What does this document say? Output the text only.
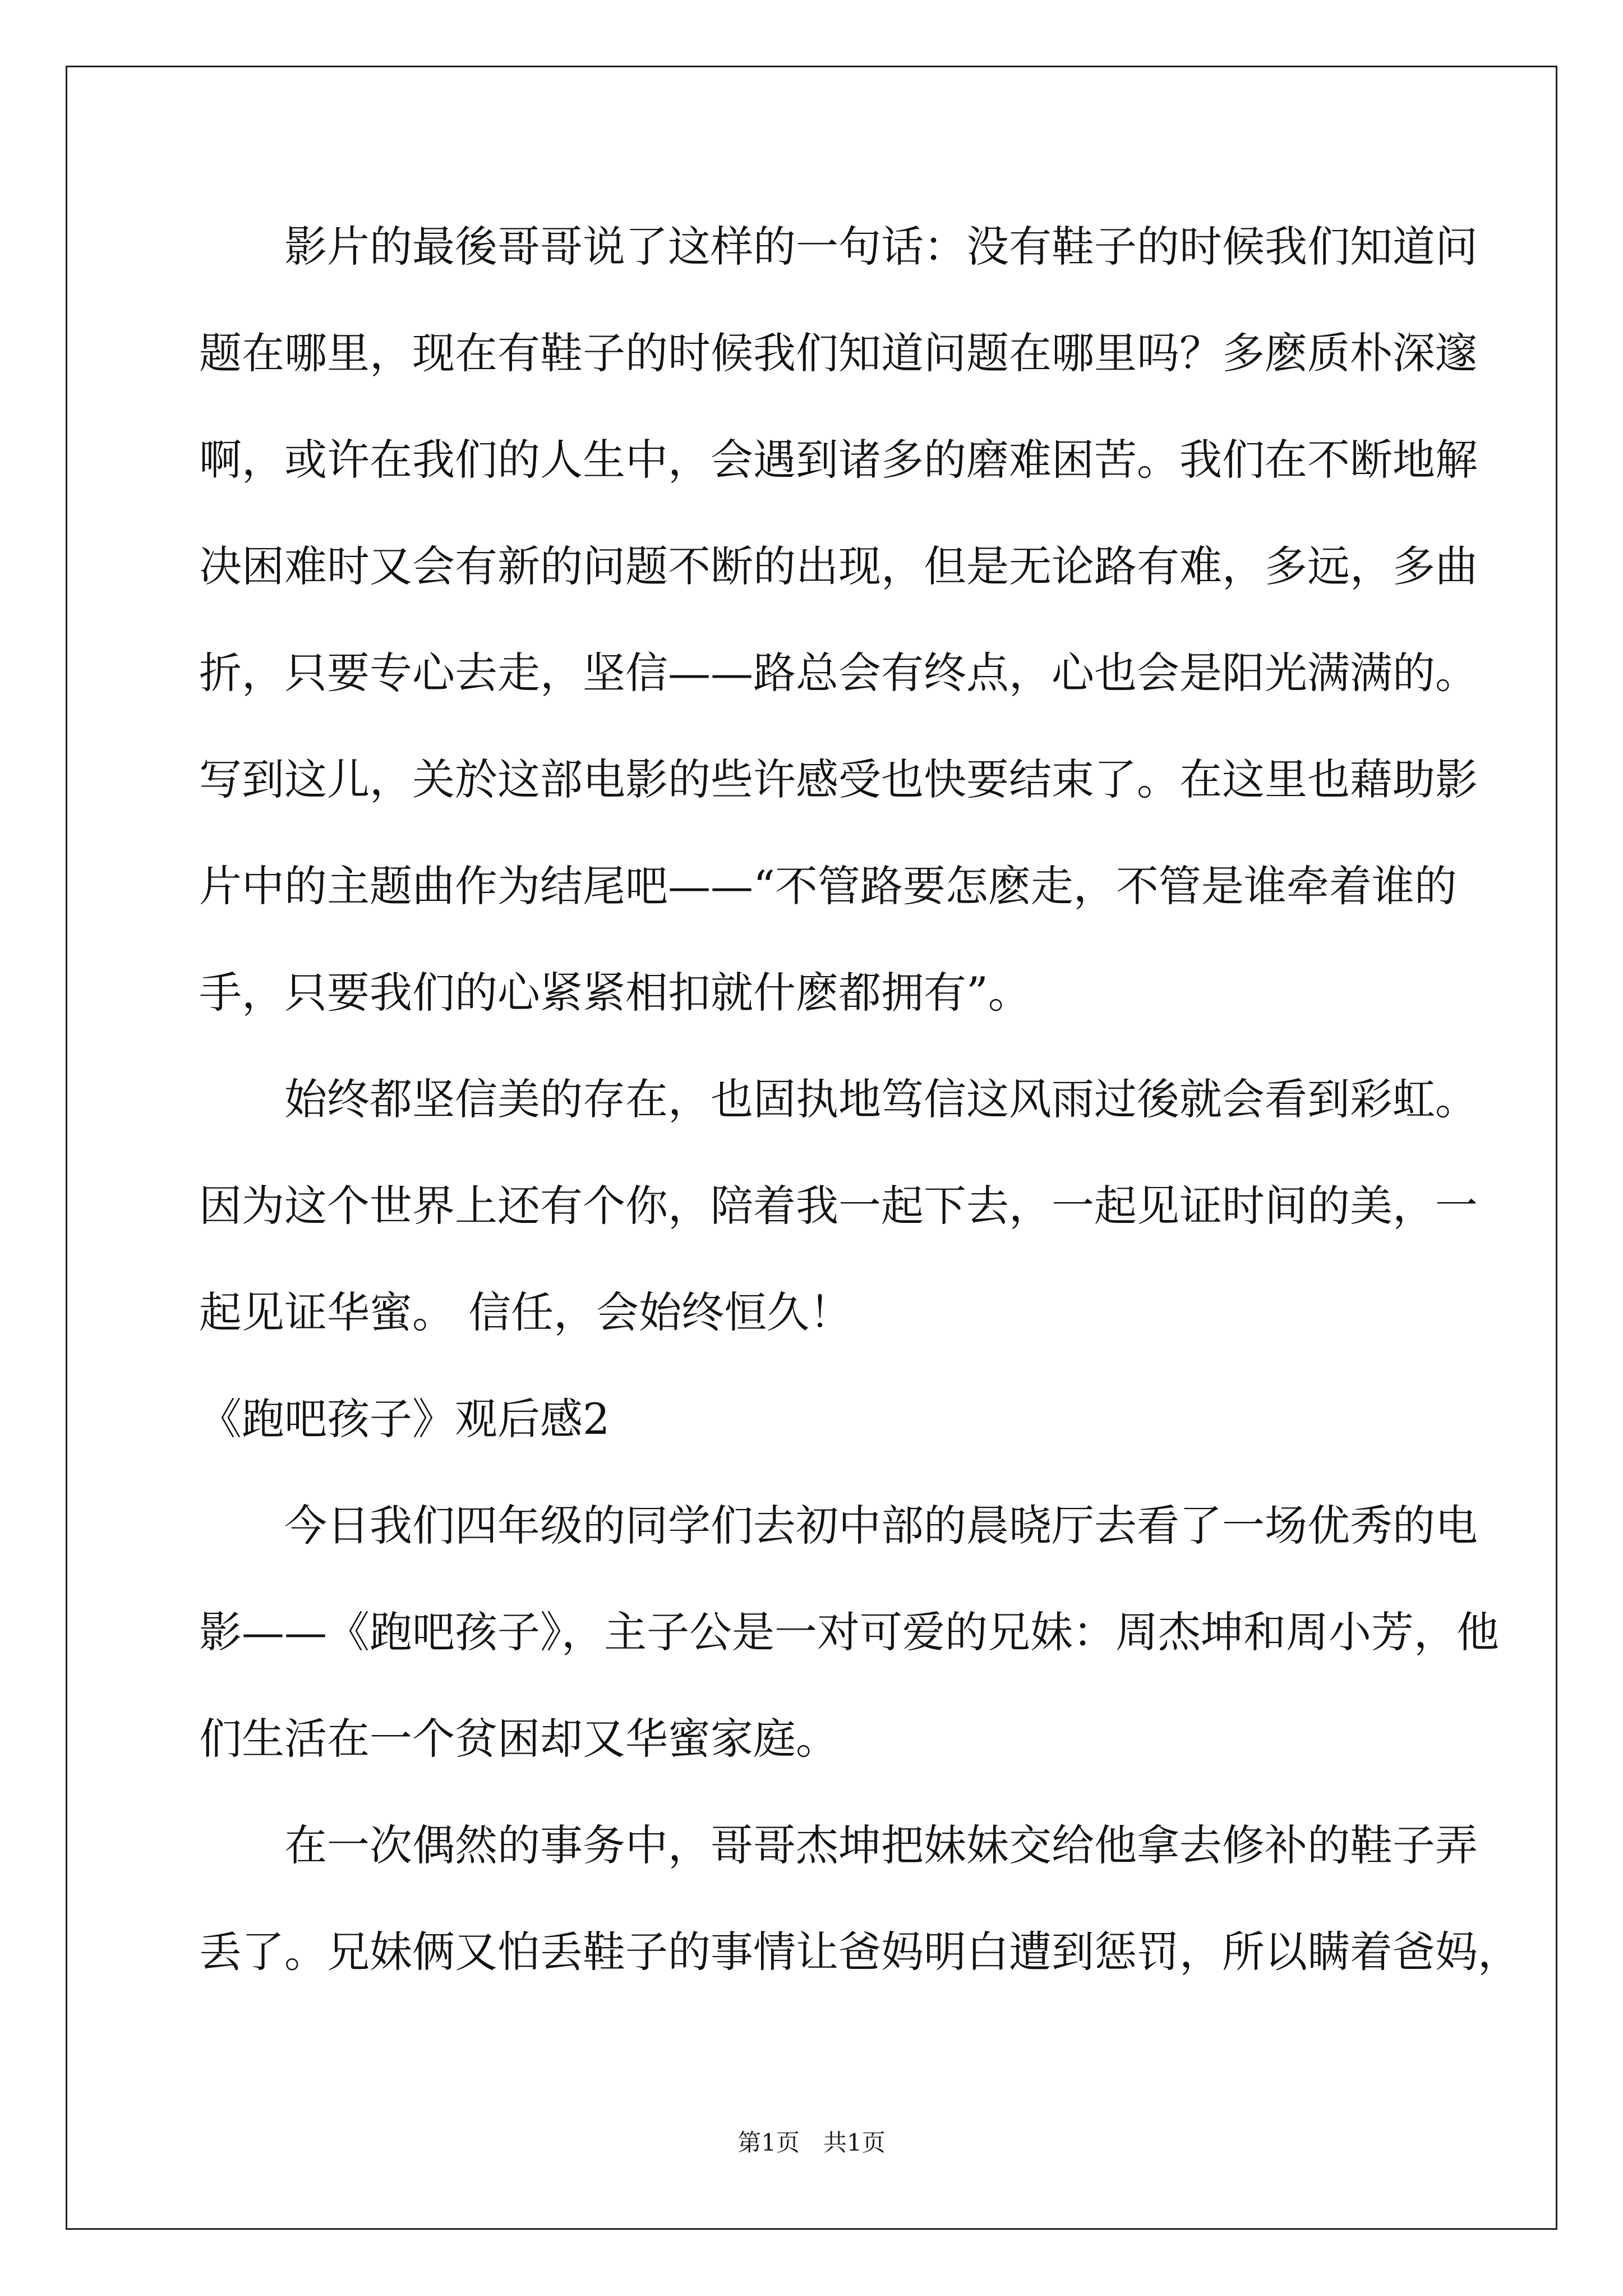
　　影片的最後哥哥说了这样的一句话：没有鞋子的时候我们知道问
题在哪里，现在有鞋子的时候我们知道问题在哪里吗？多麽质朴深邃
啊，或许在我们的人生中，会遇到诸多的磨难困苦。我们在不断地解
决困难时又会有新的问题不断的出现，但是无论路有难，多远，多曲
折，只要专心去走，坚信——路总会有终点，心也会是阳光满满的。
写到这儿，关於这部电影的些许感受也快要结束了。在这里也藉助影
片中的主题曲作为结尾吧——“不管路要怎麽走，不管是谁牵着谁的
手，只要我们的心紧紧相扣就什麽都拥有”。
　　始终都坚信美的存在，也固执地笃信这风雨过後就会看到彩虹。
因为这个世界上还有个你，陪着我一起下去，一起见证时间的美，一
起见证华蜜。 信任，会始终恒久！
《跑吧孩子》观后感2
　　今日我们四年级的同学们去初中部的晨晓厅去看了一场优秀的电
影——《跑吧孩子》，主子公是一对可爱的兄妹：周杰坤和周小芳，他
们生活在一个贫困却又华蜜家庭。
　　在一次偶然的事务中，哥哥杰坤把妹妹交给他拿去修补的鞋子弄
丢了。兄妹俩又怕丢鞋子的事情让爸妈明白遭到惩罚，所以瞒着爸妈，
第1页　共1页
